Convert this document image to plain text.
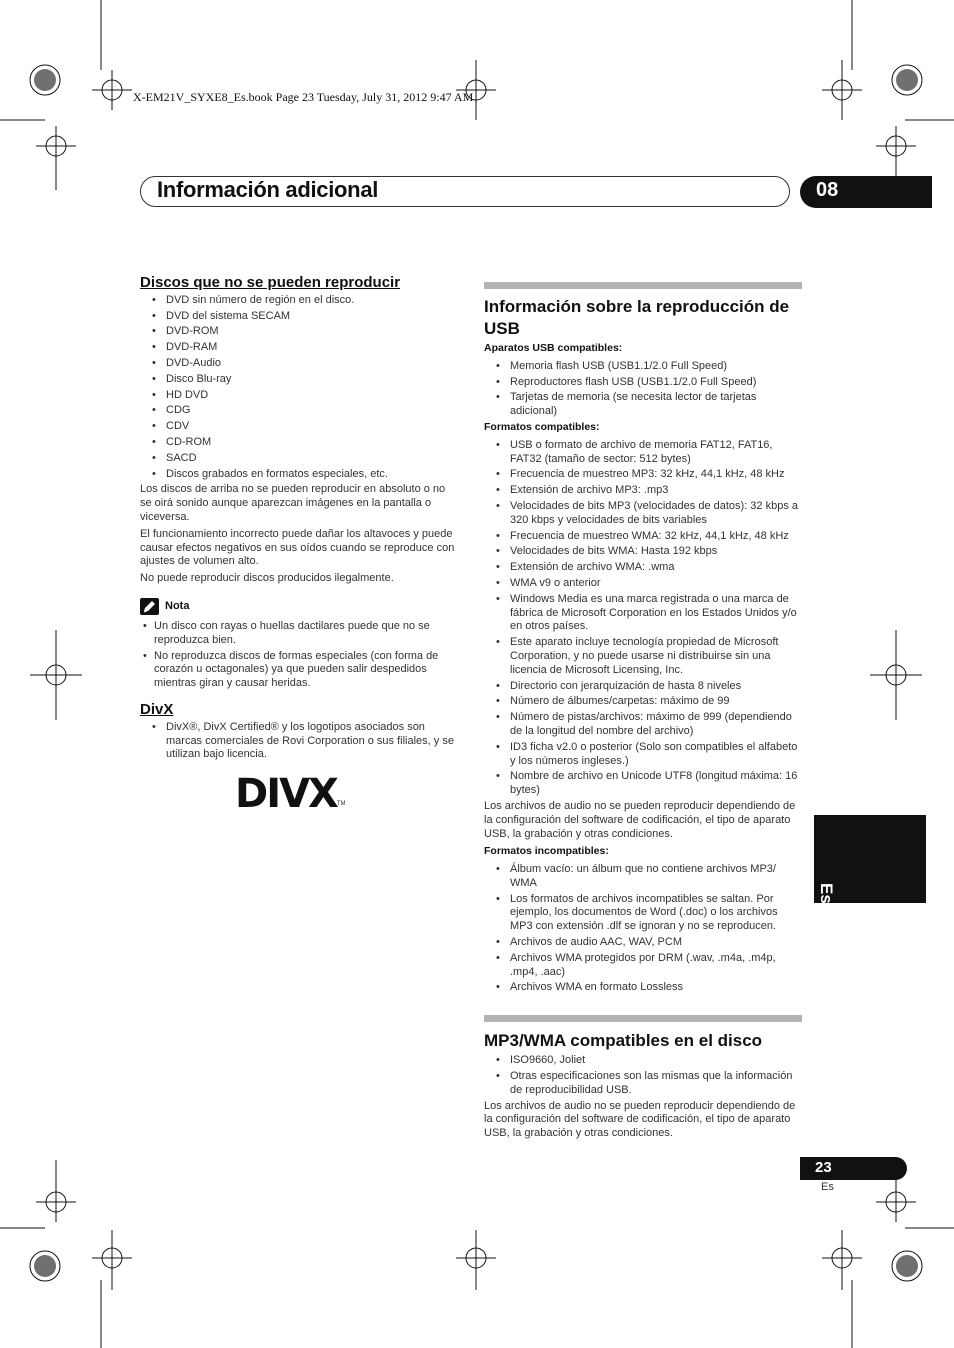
X-EM21V_SYXE8_Es.book Page 23 Tuesday, July 31, 2012 9:47 AM
Información adicional	08
Español
Discos que no se pueden reproducir
• DVD sin número de región en el disco.
• DVD del sistema SECAM
• DVD-ROM
• DVD-RAM
• DVD-Audio
• Disco Blu-ray
• HD DVD
• CDG
• CDV
• CD-ROM
• SACD
• Discos grabados en formatos especiales, etc.

Los discos de arriba no se pueden reproducir en absoluto o no se oirá sonido aunque aparezcan imágenes en la pantalla o viceversa.

El funcionamiento incorrecto puede dañar los altavoces y puede causar efectos negativos en sus oídos cuando se reproduce con ajustes de volumen alto.

No puede reproducir discos producidos ilegalmente.

Nota
• Un disco con rayas o huellas dactilares puede que no se reproduzca bien.
• No reproduzca discos de formas especiales (con forma de corazón u octagonales) ya que pueden salir despedidos mientras giran y causar heridas.
DivX
• DivX®, DivX Certified® y los logotipos asociados son marcas comerciales de Rovi Corporation o sus filiales, y se utilizan bajo licencia.
DIVXTM
Información sobre la reproducción de USB
Aparatos USB compatibles:
• Memoria flash USB (USB1.1/2.0 Full Speed)
• Reproductores flash USB (USB1.1/2.0 Full Speed)
• Tarjetas de memoria (se necesita lector de tarjetas adicional)
Formatos compatibles:
• USB o formato de archivo de memoria FAT12, FAT16, FAT32 (tamaño de sector: 512 bytes)
• Frecuencia de muestreo MP3: 32 kHz, 44,1 kHz, 48 kHz
• Extensión de archivo MP3: .mp3
• Velocidades de bits MP3 (velocidades de datos): 32 kbps a 320 kbps y velocidades de bits variables
• Frecuencia de muestreo WMA: 32 kHz, 44,1 kHz, 48 kHz
• Velocidades de bits WMA: Hasta 192 kbps
• Extensión de archivo WMA: .wma
• WMA v9 o anterior
• Windows Media es una marca registrada o una marca de fábrica de Microsoft Corporation en los Estados Unidos y/o en otros países.
• Este aparato incluye tecnología propiedad de Microsoft Corporation, y no puede usarse ni distribuirse sin una licencia de Microsoft Licensing, Inc.
• Directorio con jerarquización de hasta 8 niveles
• Número de álbumes/carpetas: máximo de 99
• Número de pistas/archivos: máximo de 999 (dependiendo de la longitud del nombre del archivo)
• ID3 ficha v2.0 o posterior (Solo son compatibles el alfabeto y los números ingleses.)
• Nombre de archivo en Unicode UTF8 (longitud máxima: 16 bytes)

Los archivos de audio no se pueden reproducir dependiendo de la configuración del software de codificación, el tipo de aparato USB, la grabación y otras condiciones.

Formatos incompatibles:
• Álbum vacío: un álbum que no contiene archivos MP3/ WMA
• Los formatos de archivos incompatibles se saltan. Por ejemplo, los documentos de Word (.doc) o los archivos MP3 con extensión .dlf se ignoran y no se reproducen.
• Archivos de audio AAC, WAV, PCM
• Archivos WMA protegidos por DRM (.wav, .m4a, .m4p, .mp4, .aac)
• Archivos WMA en formato Lossless
MP3/WMA compatibles en el disco
• ISO9660, Joliet
• Otras especificaciones son las mismas que la información de reproducibilidad USB.

Los archivos de audio no se pueden reproducir dependiendo de la configuración del software de codificación, el tipo de aparato USB, la grabación y otras condiciones.

23
Es
